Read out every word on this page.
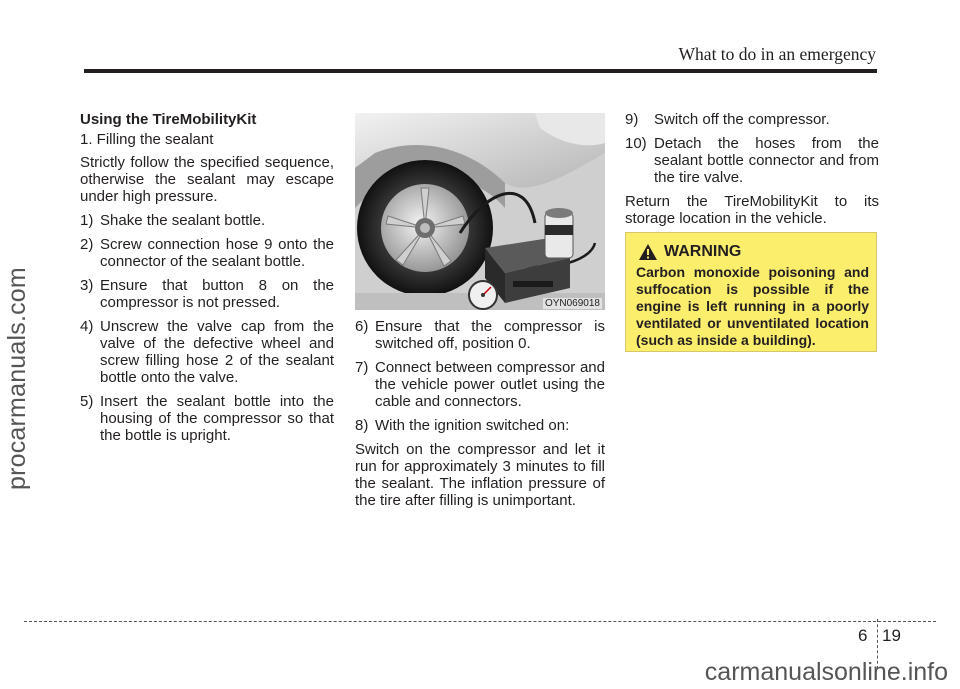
What to do in an emergency
procarmanuals.com

Using the TireMobilityKit

1. Filling the sealant

Strictly follow the specified sequence, otherwise the sealant may escape under high pressure.

1) Shake the sealant bottle.
2) Screw connection hose 9 onto the connector of the sealant bottle.
3) Ensure that button 8 on the compressor is not pressed.
4) Unscrew the valve cap from the valve of the defective wheel and screw filling hose 2 of the sealant bottle onto the valve.
5) Insert the sealant bottle into the housing of the compressor so that the bottle is upright.
OYN069018
6) Ensure that the compressor is switched off, position 0.
7) Connect between compressor and the vehicle power outlet using the cable and connectors.
8) With the ignition switched on:

Switch on the compressor and let it run for approximately 3 minutes to fill the sealant. The inflation pressure of the tire after filling is unimportant.

9)	Switch off the compressor.
10) Detach the hoses from the sealant bottle connector and from the tire valve.

Return the TireMobilityKit to its storage location in the vehicle.

WARNING
Carbon monoxide poisoning and suffocation is possible if the engine is left running in a poorly ventilated or unventilated location (such as inside a building).
6 19
carmanualsonline.info
